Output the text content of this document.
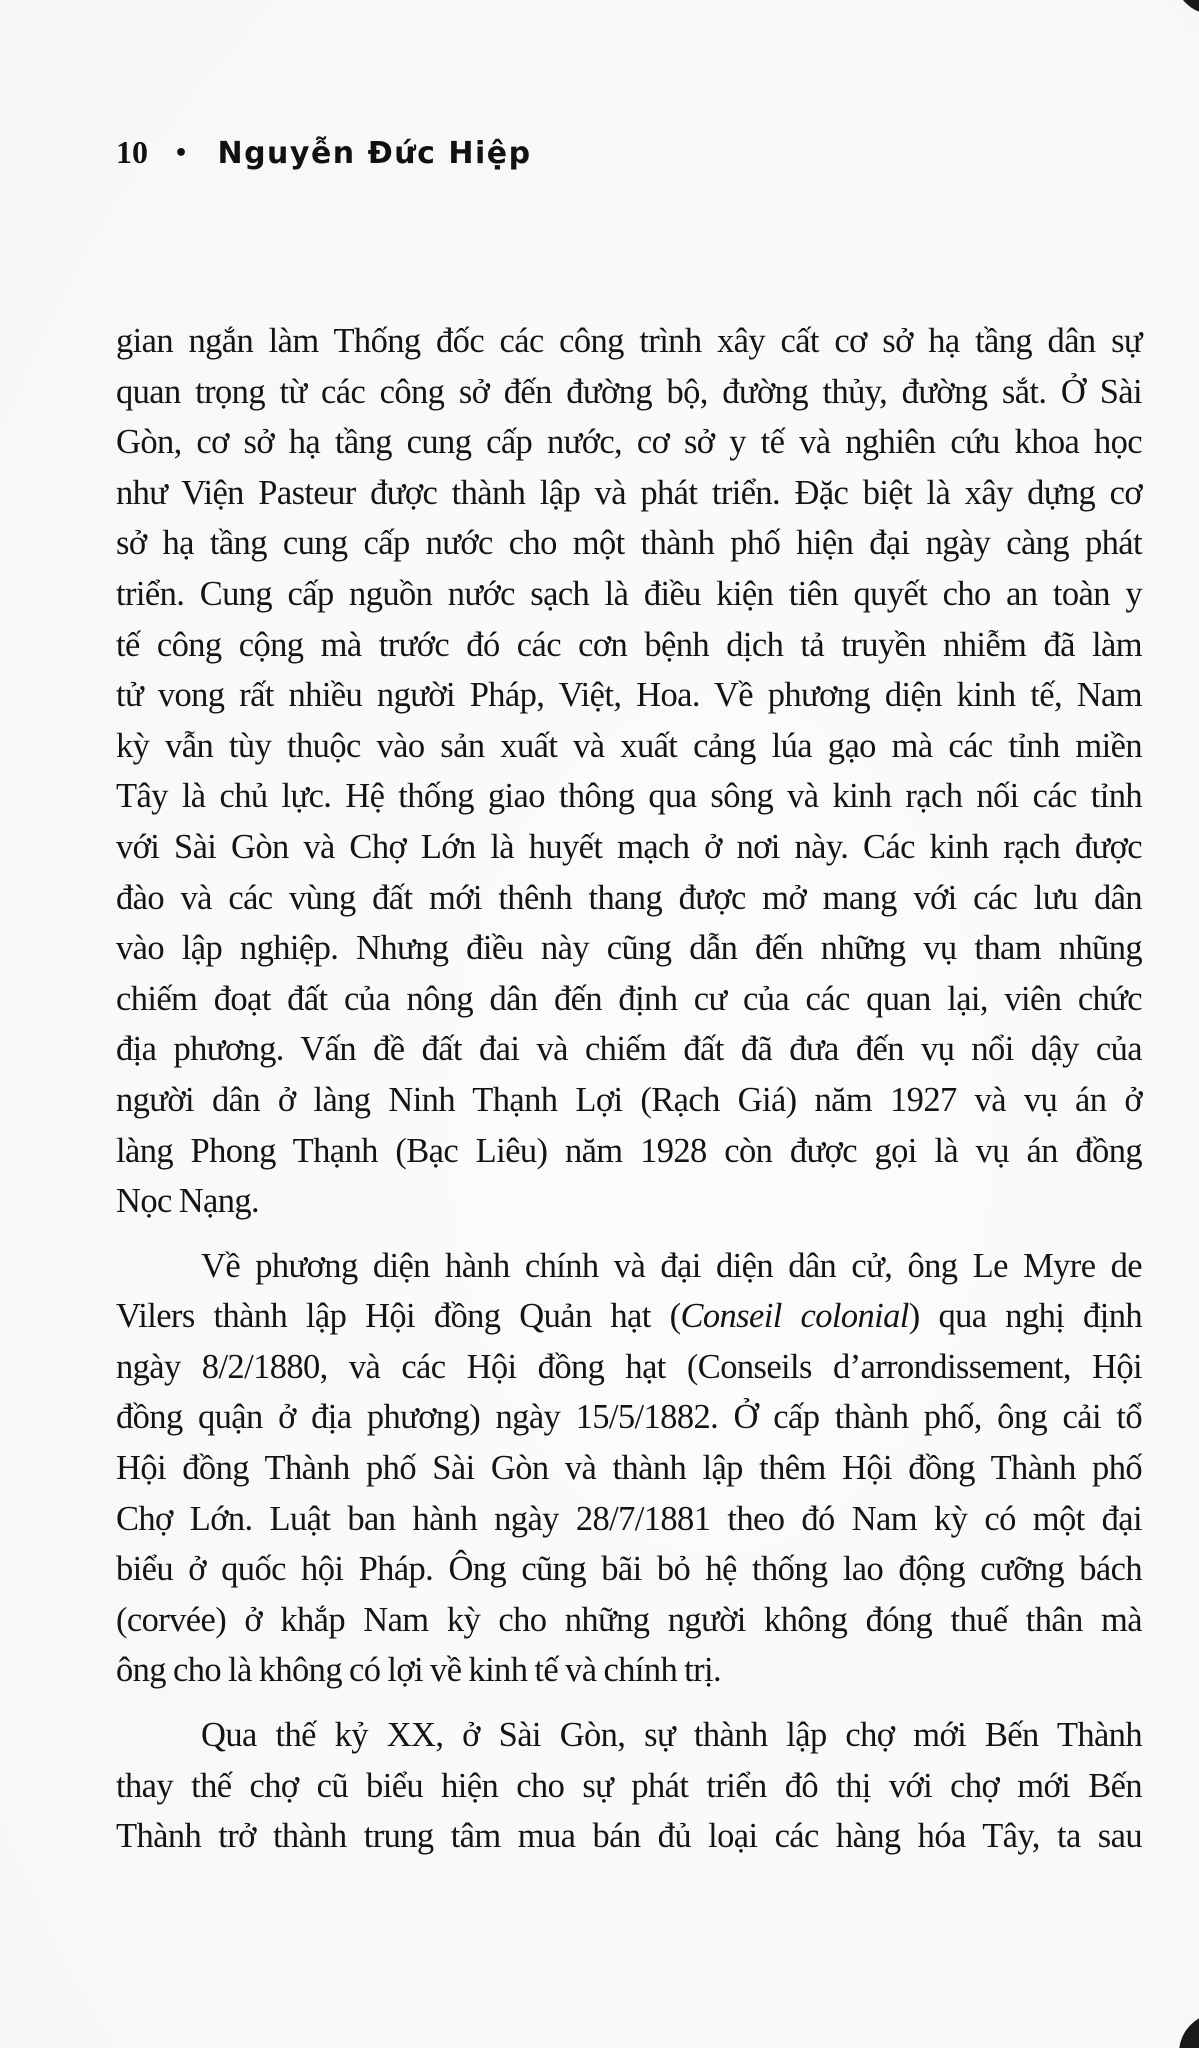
10 • Nguyễn Đức Hiệp

gian ngắn làm Thống đốc các công trình xây cất cơ sở hạ tầng dân sự
quan trọng từ các công sở đến đường bộ, đường thủy, đường sắt. Ở Sài
Gòn, cơ sở hạ tầng cung cấp nước, cơ sở y tế và nghiên cứu khoa học
như Viện Pasteur được thành lập và phát triển. Đặc biệt là xây dựng cơ
sở hạ tầng cung cấp nước cho một thành phố hiện đại ngày càng phát
triển. Cung cấp nguồn nước sạch là điều kiện tiên quyết cho an toàn y
tế công cộng mà trước đó các cơn bệnh dịch tả truyền nhiễm đã làm
tử vong rất nhiều người Pháp, Việt, Hoa. Về phương diện kinh tế, Nam
kỳ vẫn tùy thuộc vào sản xuất và xuất cảng lúa gạo mà các tỉnh miền
Tây là chủ lực. Hệ thống giao thông qua sông và kinh rạch nối các tỉnh
với Sài Gòn và Chợ Lớn là huyết mạch ở nơi này. Các kinh rạch được
đào và các vùng đất mới thênh thang được mở mang với các lưu dân
vào lập nghiệp. Nhưng điều này cũng dẫn đến những vụ tham nhũng
chiếm đoạt đất của nông dân đến định cư của các quan lại, viên chức
địa phương. Vấn đề đất đai và chiếm đất đã đưa đến vụ nổi dậy của
người dân ở làng Ninh Thạnh Lợi (Rạch Giá) năm 1927 và vụ án ở
làng Phong Thạnh (Bạc Liêu) năm 1928 còn được gọi là vụ án đồng
Nọc Nạng.

Về phương diện hành chính và đại diện dân cử, ông Le Myre de
Vilers thành lập Hội đồng Quản hạt (Conseil colonial) qua nghị định
ngày 8/2/1880, và các Hội đồng hạt (Conseils d’arrondissement, Hội
đồng quận ở địa phương) ngày 15/5/1882. Ở cấp thành phố, ông cải tổ
Hội đồng Thành phố Sài Gòn và thành lập thêm Hội đồng Thành phố
Chợ Lớn. Luật ban hành ngày 28/7/1881 theo đó Nam kỳ có một đại
biểu ở quốc hội Pháp. Ông cũng bãi bỏ hệ thống lao động cưỡng bách
(corvée) ở khắp Nam kỳ cho những người không đóng thuế thân mà
ông cho là không có lợi về kinh tế và chính trị.

Qua thế kỷ XX, ở Sài Gòn, sự thành lập chợ mới Bến Thành
thay thế chợ cũ biểu hiện cho sự phát triển đô thị với chợ mới Bến
Thành trở thành trung tâm mua bán đủ loại các hàng hóa Tây, ta sau
